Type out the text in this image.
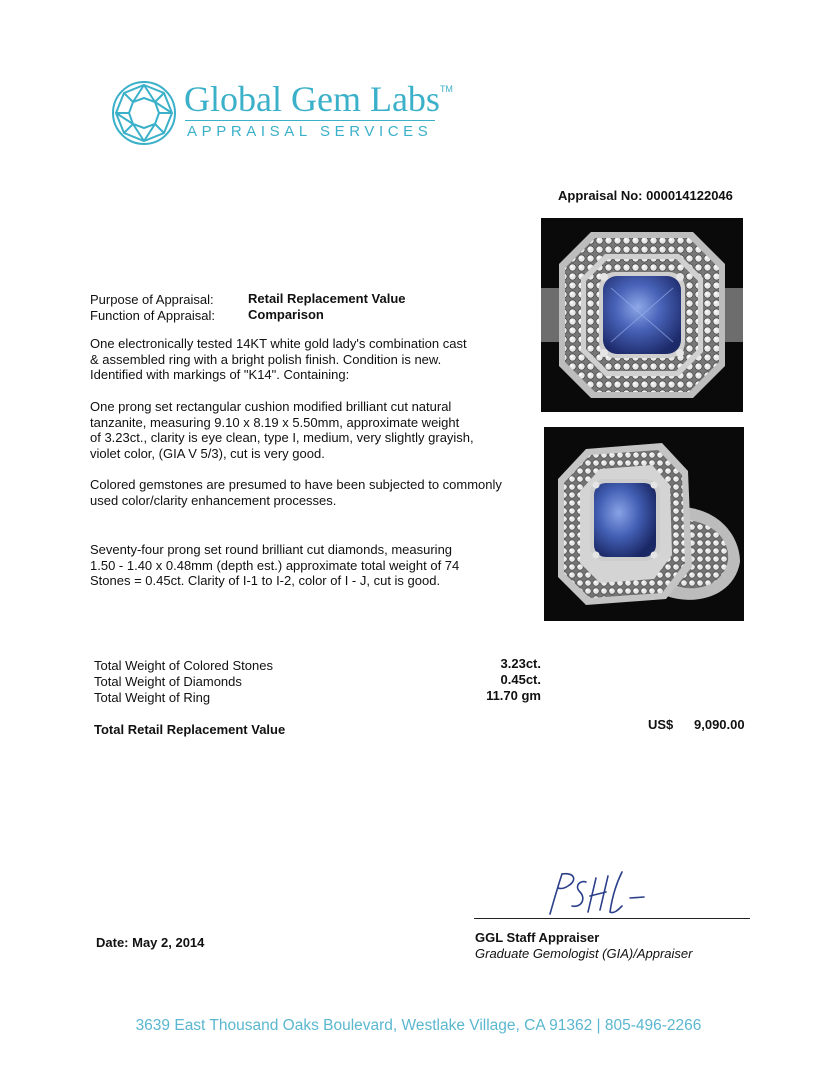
Global Gem Labs™
APPRAISAL SERVICES
Appraisal No: 000014122046
Purpose of Appraisal:	Retail Replacement Value
Function of Appraisal:	Comparison
One electronically tested 14KT white gold lady's combination cast
& assembled ring with a bright polish finish. Condition is new.
Identified with markings of "K14". Containing:
One prong set rectangular cushion modified brilliant cut natural
tanzanite, measuring 9.10 x 8.19 x 5.50mm, approximate weight
of 3.23ct., clarity is eye clean, type I, medium, very slightly grayish,
violet color, (GIA V 5/3), cut is very good.
Colored gemstones are presumed to have been subjected to commonly
used color/clarity enhancement processes.
Seventy-four prong set round brilliant cut diamonds, measuring
1.50 - 1.40 x 0.48mm (depth est.) approximate total weight of 74
Stones = 0.45ct. Clarity of I-1 to I-2, color of I - J, cut is good.
Total Weight of Colored Stones	3.23ct.
Total Weight of Diamonds	0.45ct.
Total Weight of Ring	11.70 gm
Total Retail Replacement Value	US$ 9,090.00
Date: May 2, 2014	GGL Staff Appraiser
Graduate Gemologist (GIA)/Appraiser
3639 East Thousand Oaks Boulevard, Westlake Village, CA 91362 | 805-496-2266
